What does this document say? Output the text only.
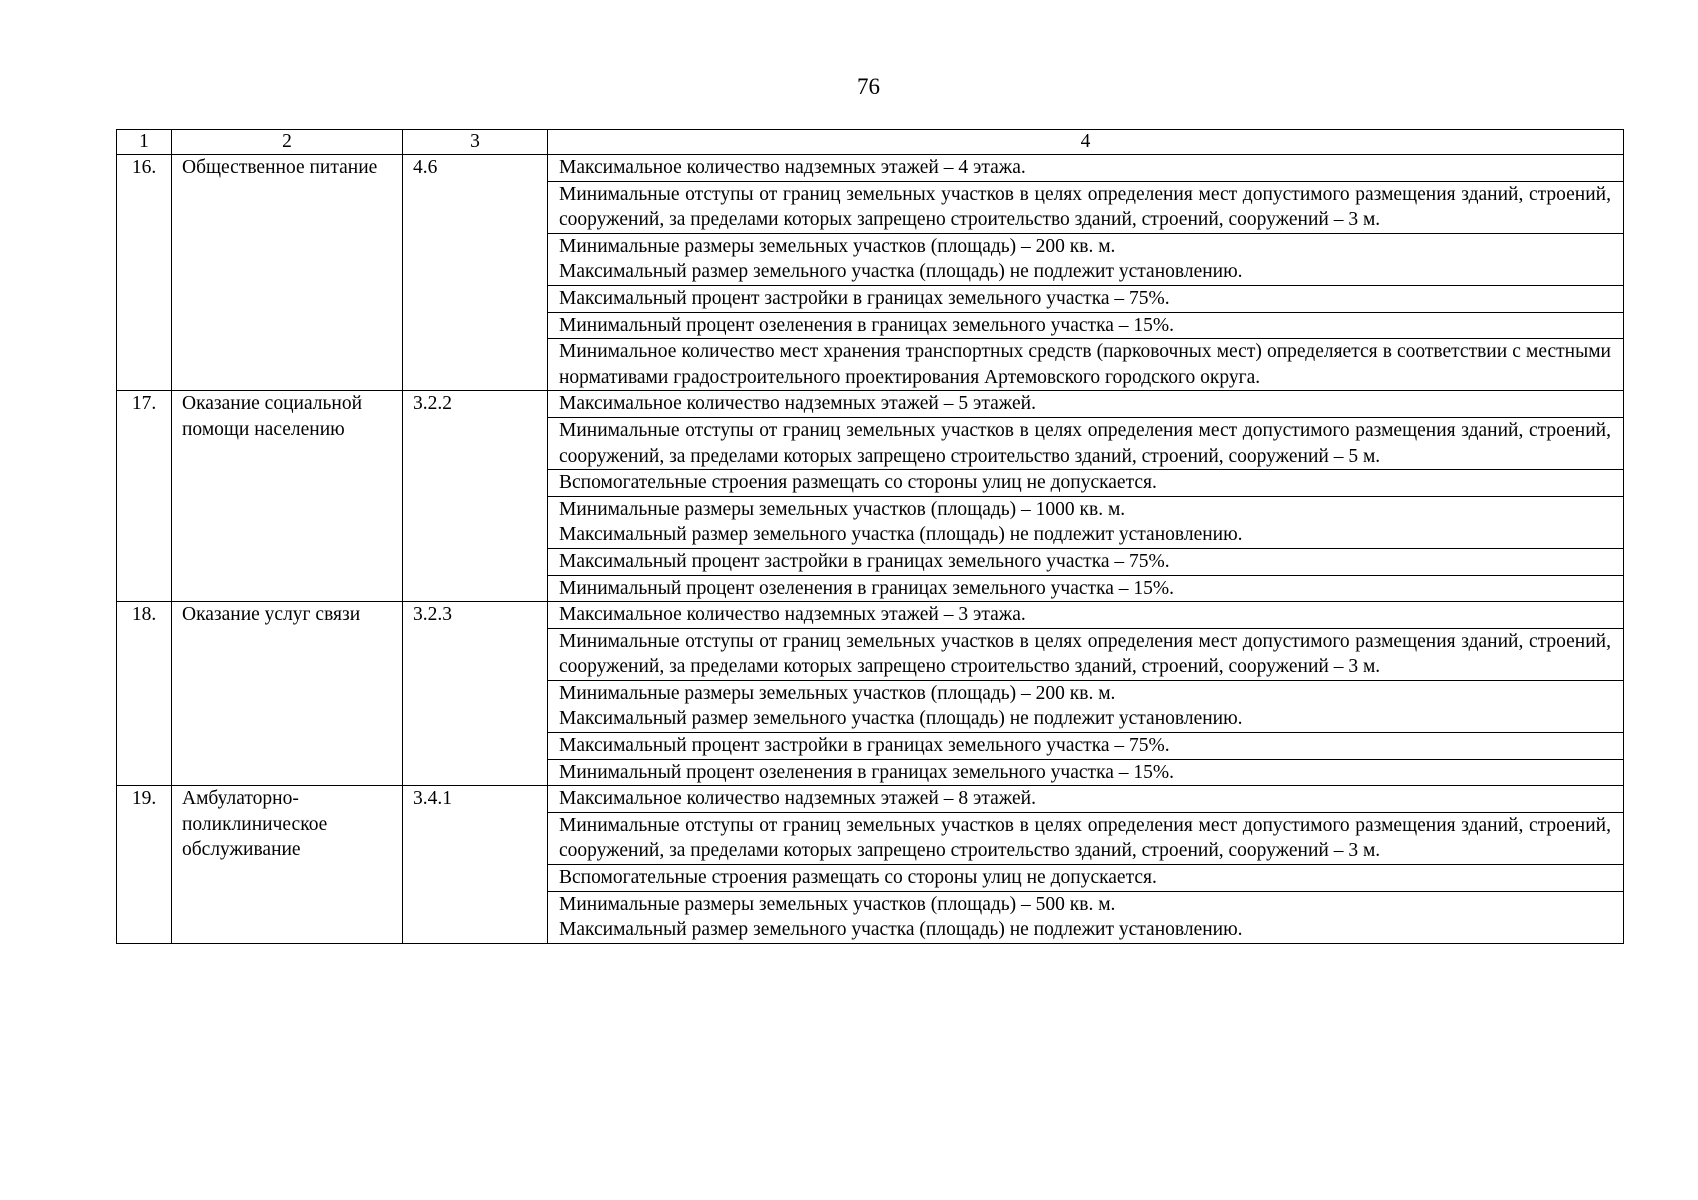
76
1	2	3	4
16.	Общественное питание	4.6	Максимальное количество надземных этажей – 4 этажа.

			Минимальные отступы от границ земельных участков в целях определения мест допустимого размещения зданий, строений, сооружений, за пределами которых запрещено строительство зданий, строений, сооружений – 3 м.

			Минимальные размеры земельных участков (площадь) – 200 кв. м.
Максимальный размер земельного участка (площадь) не подлежит установлению.

			Максимальный процент застройки в границах земельного участка – 75%.

			Минимальный процент озеленения в границах земельного участка – 15%.

			Минимальное количество мест хранения транспортных средств (парковочных мест) определяется в соответствии с местными нормативами градостроительного проектирования Артемовского городского округа.

17.	Оказание социальной помощи населению	3.2.2	Максимальное количество надземных этажей – 5 этажей.

			Минимальные отступы от границ земельных участков в целях определения мест допустимого размещения зданий, строений, сооружений, за пределами которых запрещено строительство зданий, строений, сооружений – 5 м.

			Вспомогательные строения размещать со стороны улиц не допускается.

			Минимальные размеры земельных участков (площадь) – 1000 кв. м.
Максимальный размер земельного участка (площадь) не подлежит установлению.

			Максимальный процент застройки в границах земельного участка – 75%.

			Минимальный процент озеленения в границах земельного участка – 15%.

18.	Оказание услуг связи	3.2.3	Максимальное количество надземных этажей – 3 этажа.

			Минимальные отступы от границ земельных участков в целях определения мест допустимого размещения зданий, строений, сооружений, за пределами которых запрещено строительство зданий, строений, сооружений – 3 м.

			Минимальные размеры земельных участков (площадь) – 200 кв. м.
Максимальный размер земельного участка (площадь) не подлежит установлению.

			Максимальный процент застройки в границах земельного участка – 75%.

			Минимальный процент озеленения в границах земельного участка – 15%.

19.	Амбулаторно-поликлиническое обслуживание	3.4.1	Максимальное количество надземных этажей – 8 этажей.

			Минимальные отступы от границ земельных участков в целях определения мест допустимого размещения зданий, строений, сооружений, за пределами которых запрещено строительство зданий, строений, сооружений – 3 м.

			Вспомогательные строения размещать со стороны улиц не допускается.

			Минимальные размеры земельных участков (площадь) – 500 кв. м.
Максимальный размер земельного участка (площадь) не подлежит установлению.
